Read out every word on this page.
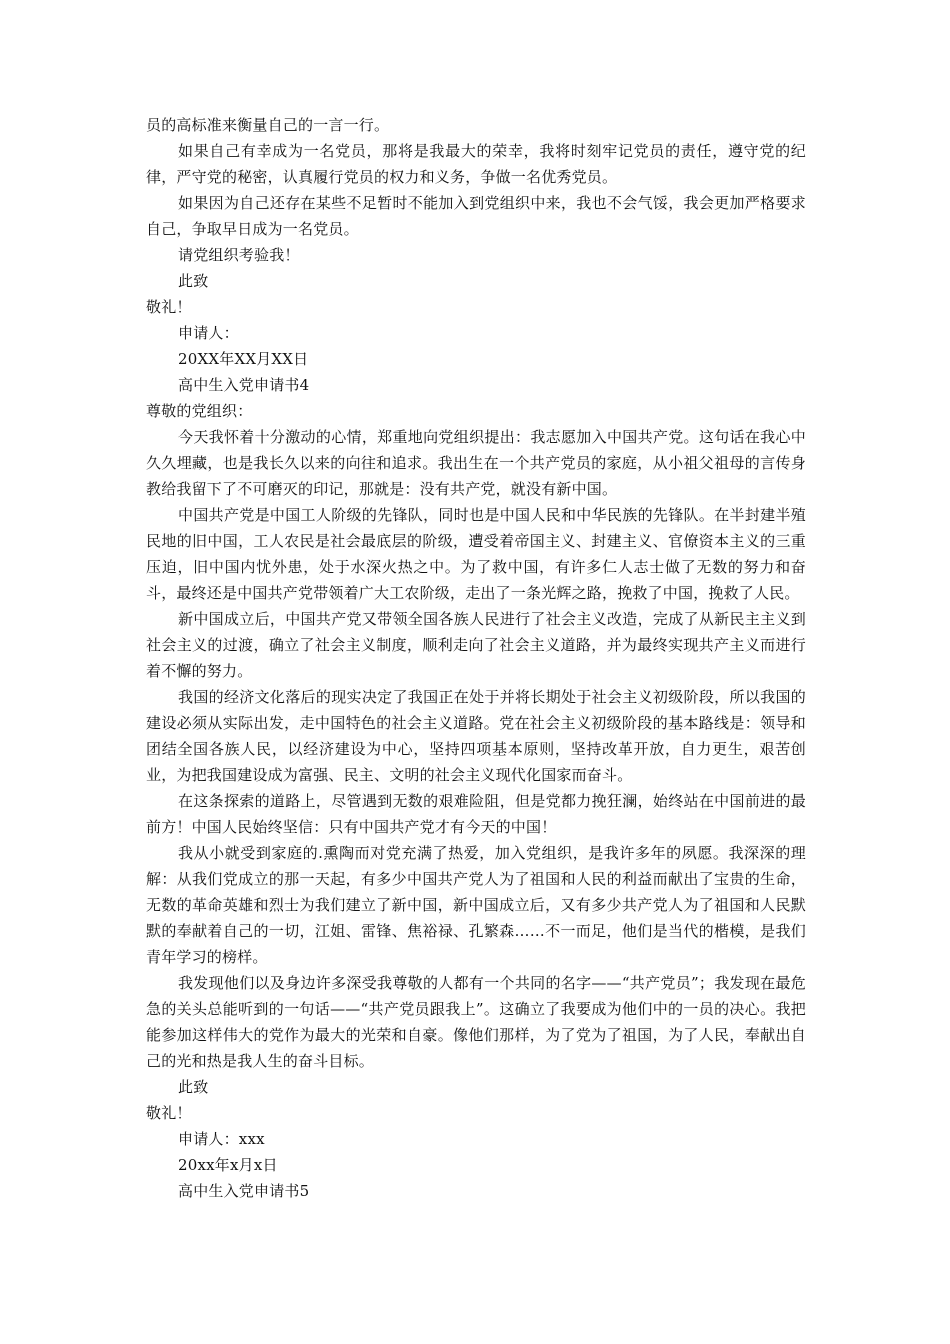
员的高标准来衡量自己的一言一行。

如果自己有幸成为一名党员，那将是我最大的荣幸，我将时刻牢记党员的责任，遵守党的纪律，严守党的秘密，认真履行党员的权力和义务，争做一名优秀党员。

如果因为自己还存在某些不足暂时不能加入到党组织中来，我也不会气馁，我会更加严格要求自己，争取早日成为一名党员。

请党组织考验我！

此致

敬礼！

申请人：

20XX年XX月XX日

高中生入党申请书4

尊敬的党组织：

今天我怀着十分激动的心情，郑重地向党组织提出：我志愿加入中国共产党。这句话在我心中久久埋藏，也是我长久以来的向往和追求。我出生在一个共产党员的家庭，从小祖父祖母的言传身教给我留下了不可磨灭的印记，那就是：没有共产党，就没有新中国。

中国共产党是中国工人阶级的先锋队，同时也是中国人民和中华民族的先锋队。在半封建半殖民地的旧中国，工人农民是社会最底层的阶级，遭受着帝国主义、封建主义、官僚资本主义的三重压迫，旧中国内忧外患，处于水深火热之中。为了救中国，有许多仁人志士做了无数的努力和奋斗，最终还是中国共产党带领着广大工农阶级，走出了一条光辉之路，挽救了中国，挽救了人民。

新中国成立后，中国共产党又带领全国各族人民进行了社会主义改造，完成了从新民主主义到社会主义的过渡，确立了社会主义制度，顺利走向了社会主义道路，并为最终实现共产主义而进行着不懈的努力。

我国的经济文化落后的现实决定了我国正在处于并将长期处于社会主义初级阶段，所以我国的建设必须从实际出发，走中国特色的社会主义道路。党在社会主义初级阶段的基本路线是：领导和团结全国各族人民，以经济建设为中心，坚持四项基本原则，坚持改革开放，自力更生，艰苦创业，为把我国建设成为富强、民主、文明的社会主义现代化国家而奋斗。

在这条探索的道路上，尽管遇到无数的艰难险阻，但是党都力挽狂澜，始终站在中国前进的最前方！中国人民始终坚信：只有中国共产党才有今天的中国！

我从小就受到家庭的.熏陶而对党充满了热爱，加入党组织，是我许多年的夙愿。我深深的理解：从我们党成立的那一天起，有多少中国共产党人为了祖国和人民的利益而献出了宝贵的生命，无数的革命英雄和烈士为我们建立了新中国，新中国成立后，又有多少共产党人为了祖国和人民默默的奉献着自己的一切，江姐、雷锋、焦裕禄、孔繁森……不一而足，他们是当代的楷模，是我们青年学习的榜样。

我发现他们以及身边许多深受我尊敬的人都有一个共同的名字——“共产党员”；我发现在最危急的关头总能听到的一句话——“共产党员跟我上”。这确立了我要成为他们中的一员的决心。我把能参加这样伟大的党作为最大的光荣和自豪。像他们那样，为了党为了祖国，为了人民，奉献出自己的光和热是我人生的奋斗目标。

此致

敬礼！

申请人：xxx

20xx年x月x日

高中生入党申请书5
